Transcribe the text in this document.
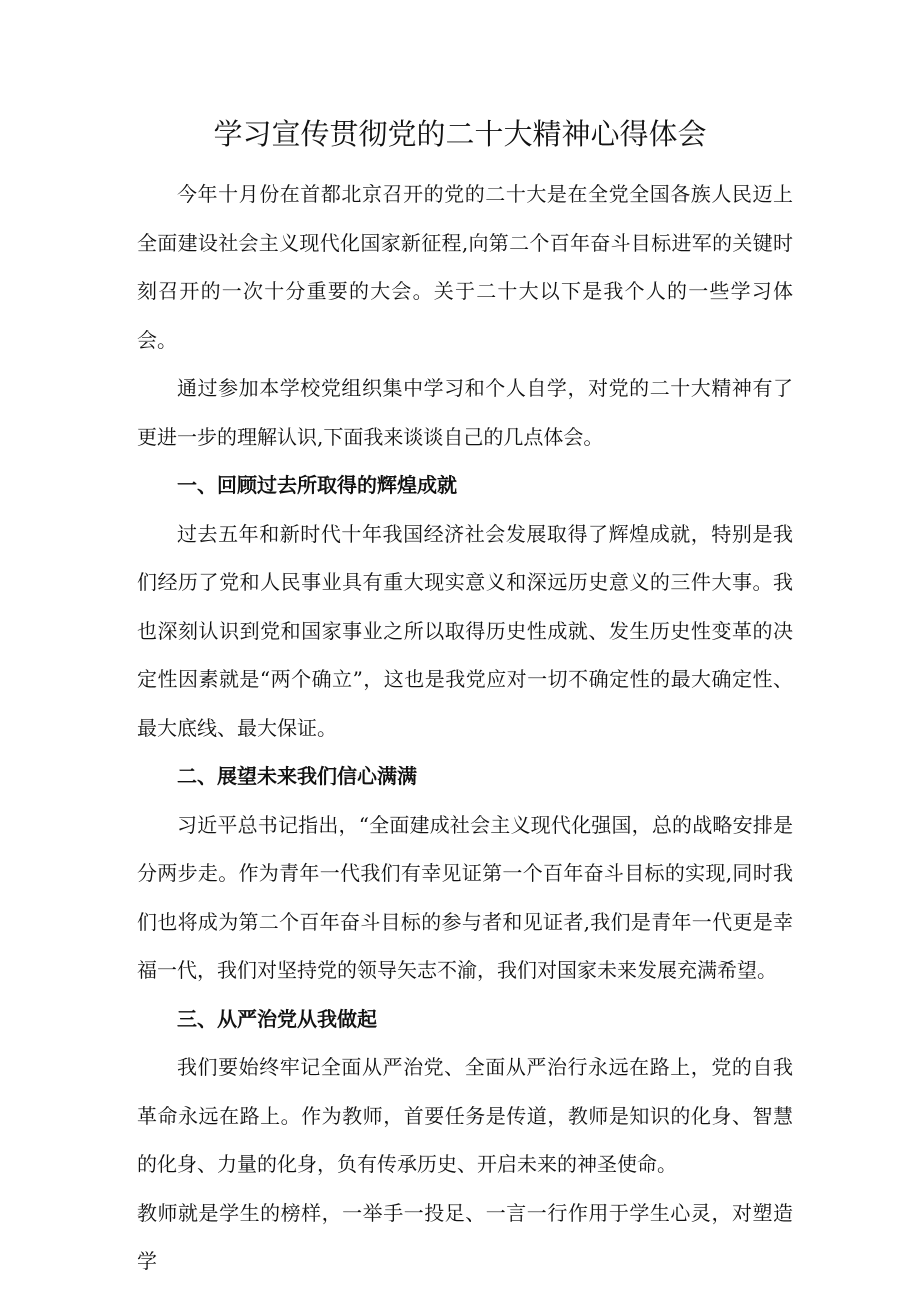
学习宣传贯彻党的二十大精神心得体会

今年十月份在首都北京召开的党的二十大是在全党全国各族人民迈上全面建设社会主义现代化国家新征程,向第二个百年奋斗目标进军的关键时刻召开的一次十分重要的大会。关于二十大以下是我个人的一些学习体会。

通过参加本学校党组织集中学习和个人自学，对党的二十大精神有了更进一步的理解认识,下面我来谈谈自己的几点体会。

一、回顾过去所取得的辉煌成就

过去五年和新时代十年我国经济社会发展取得了辉煌成就，特别是我们经历了党和人民事业具有重大现实意义和深远历史意义的三件大事。我也深刻认识到党和国家事业之所以取得历史性成就、发生历史性变革的决定性因素就是“两个确立”，这也是我党应对一切不确定性的最大确定性、最大底线、最大保证。

二、展望未来我们信心满满

习近平总书记指出，“全面建成社会主义现代化强国，总的战略安排是分两步走。作为青年一代我们有幸见证第一个百年奋斗目标的实现,同时我们也将成为第二个百年奋斗目标的参与者和见证者,我们是青年一代更是幸福一代，我们对坚持党的领导矢志不渝，我们对国家未来发展充满希望。

三、从严治党从我做起

我们要始终牢记全面从严治党、全面从严治行永远在路上，党的自我革命永远在路上。作为教师，首要任务是传道，教师是知识的化身、智慧的化身、力量的化身，负有传承历史、开启未来的神圣使命。

教师就是学生的榜样，一举手一投足、一言一行作用于学生心灵，对塑造学
